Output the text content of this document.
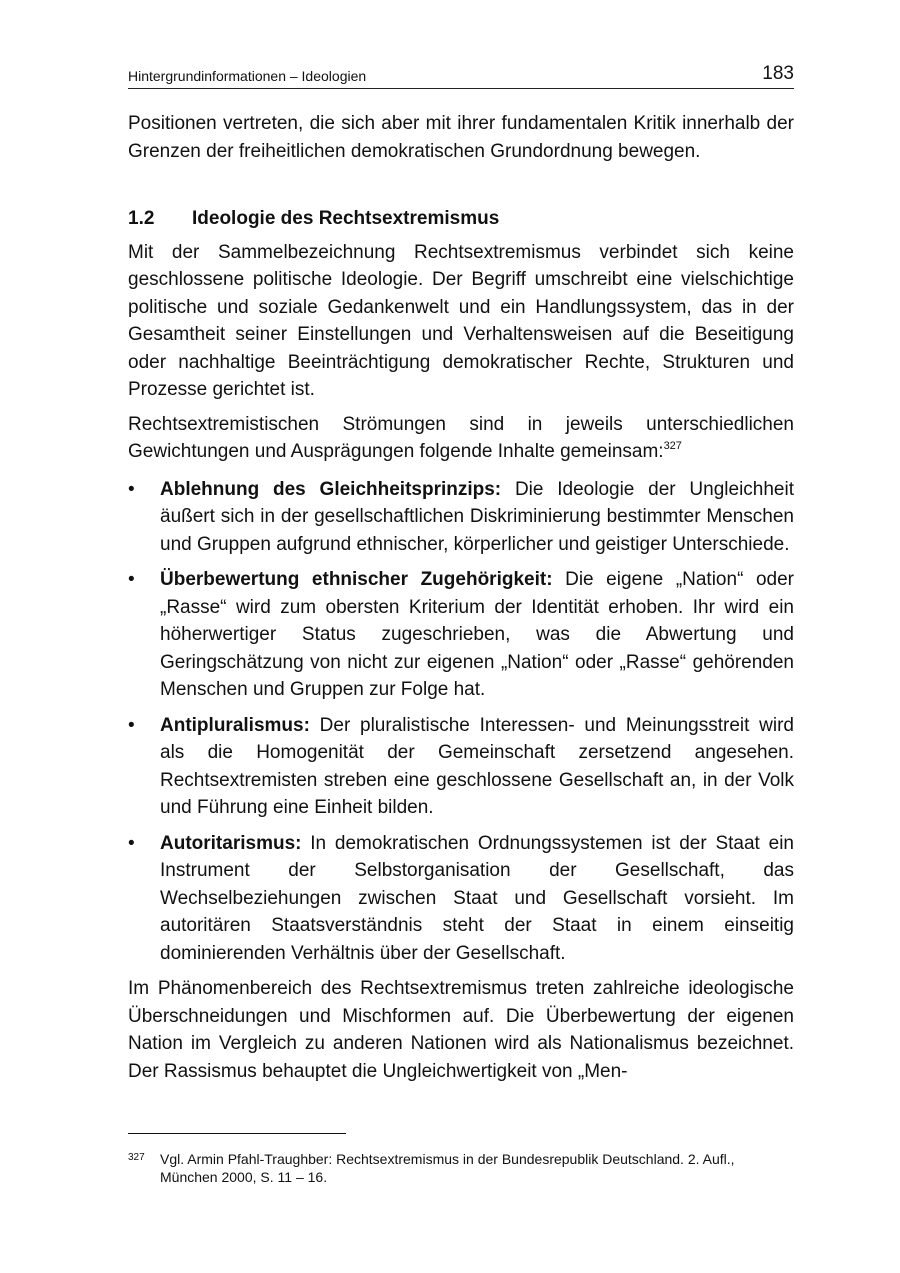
Hintergrundinformationen – Ideologien	183

Positionen vertreten, die sich aber mit ihrer fundamentalen Kritik innerhalb der Grenzen der freiheitlichen demokratischen Grundordnung bewegen.

1.2	Ideologie des Rechtsextremismus

Mit der Sammelbezeichnung Rechtsextremismus verbindet sich keine geschlossene politische Ideologie. Der Begriff umschreibt eine vielschichtige politische und soziale Gedankenwelt und ein Handlungssystem, das in der Gesamtheit seiner Einstellungen und Verhaltensweisen auf die Beseitigung oder nachhaltige Beeinträchtigung demokratischer Rechte, Strukturen und Prozesse gerichtet ist.

Rechtsextremistischen Strömungen sind in jeweils unterschiedlichen Gewichtungen und Ausprägungen folgende Inhalte gemeinsam:$^{327}$

• Ablehnung des Gleichheitsprinzips: Die Ideologie der Ungleichheit äußert sich in der gesellschaftlichen Diskriminierung bestimmter Menschen und Gruppen aufgrund ethnischer, körperlicher und geistiger Unterschiede.
• Überbewertung ethnischer Zugehörigkeit: Die eigene „Nation“ oder „Rasse“ wird zum obersten Kriterium der Identität erhoben. Ihr wird ein höherwertiger Status zugeschrieben, was die Abwertung und Geringschätzung von nicht zur eigenen „Nation“ oder „Rasse“ gehörenden Menschen und Gruppen zur Folge hat.
• Antipluralismus: Der pluralistische Interessen- und Meinungsstreit wird als die Homogenität der Gemeinschaft zersetzend angesehen. Rechtsextremisten streben eine geschlossene Gesellschaft an, in der Volk und Führung eine Einheit bilden.
• Autoritarismus: In demokratischen Ordnungssystemen ist der Staat ein Instrument der Selbstorganisation der Gesellschaft, das Wechselbeziehungen zwischen Staat und Gesellschaft vorsieht. Im autoritären Staatsverständnis steht der Staat in einem einseitig dominierenden Verhältnis über der Gesellschaft.

Im Phänomenbereich des Rechtsextremismus treten zahlreiche ideologische Überschneidungen und Mischformen auf. Die Überbewertung der eigenen Nation im Vergleich zu anderen Nationen wird als Nationalismus bezeichnet. Der Rassismus behauptet die Ungleichwertigkeit von „Men-

327 Vgl. Armin Pfahl-Traughber: Rechtsextremismus in der Bundesrepublik Deutschland. 2. Aufl., München 2000, S. 11 – 16.
